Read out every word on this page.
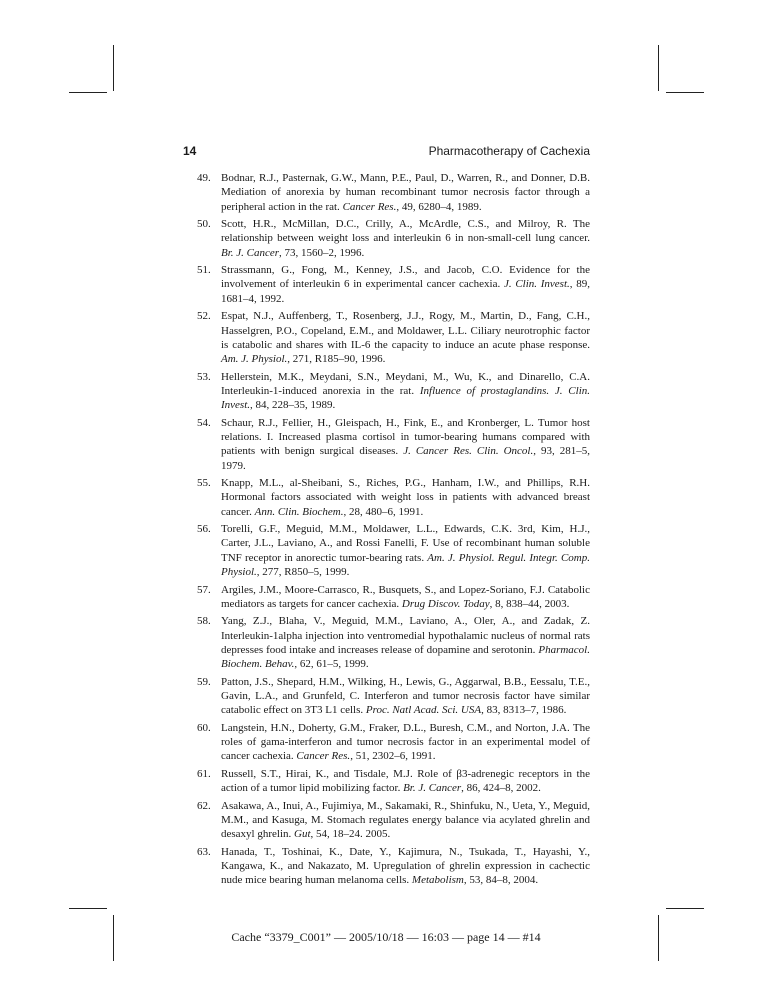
14	Pharmacotherapy of Cachexia
49. Bodnar, R.J., Pasternak, G.W., Mann, P.E., Paul, D., Warren, R., and Donner, D.B. Mediation of anorexia by human recombinant tumor necrosis factor through a peripheral action in the rat. Cancer Res., 49, 6280–4, 1989.
50. Scott, H.R., McMillan, D.C., Crilly, A., McArdle, C.S., and Milroy, R. The relationship between weight loss and interleukin 6 in non-small-cell lung cancer. Br. J. Cancer, 73, 1560–2, 1996.
51. Strassmann, G., Fong, M., Kenney, J.S., and Jacob, C.O. Evidence for the involvement of interleukin 6 in experimental cancer cachexia. J. Clin. Invest., 89, 1681–4, 1992.
52. Espat, N.J., Auffenberg, T., Rosenberg, J.J., Rogy, M., Martin, D., Fang, C.H., Hasselgren, P.O., Copeland, E.M., and Moldawer, L.L. Ciliary neurotrophic factor is catabolic and shares with IL-6 the capacity to induce an acute phase response. Am. J. Physiol., 271, R185–90, 1996.
53. Hellerstein, M.K., Meydani, S.N., Meydani, M., Wu, K., and Dinarello, C.A. Interleukin-1-induced anorexia in the rat. Influence of prostaglandins. J. Clin. Invest., 84, 228–35, 1989.
54. Schaur, R.J., Fellier, H., Gleispach, H., Fink, E., and Kronberger, L. Tumor host relations. I. Increased plasma cortisol in tumor-bearing humans compared with patients with benign surgical diseases. J. Cancer Res. Clin. Oncol., 93, 281–5, 1979.
55. Knapp, M.L., al-Sheibani, S., Riches, P.G., Hanham, I.W., and Phillips, R.H. Hormonal factors associated with weight loss in patients with advanced breast cancer. Ann. Clin. Biochem., 28, 480–6, 1991.
56. Torelli, G.F., Meguid, M.M., Moldawer, L.L., Edwards, C.K. 3rd, Kim, H.J., Carter, J.L., Laviano, A., and Rossi Fanelli, F. Use of recombinant human soluble TNF receptor in anorectic tumor-bearing rats. Am. J. Physiol. Regul. Integr. Comp. Physiol., 277, R850–5, 1999.
57. Argiles, J.M., Moore-Carrasco, R., Busquets, S., and Lopez-Soriano, F.J. Catabolic mediators as targets for cancer cachexia. Drug Discov. Today, 8, 838–44, 2003.
58. Yang, Z.J., Blaha, V., Meguid, M.M., Laviano, A., Oler, A., and Zadak, Z. Interleukin-1alpha injection into ventromedial hypothalamic nucleus of normal rats depresses food intake and increases release of dopamine and serotonin. Pharmacol. Biochem. Behav., 62, 61–5, 1999.
59. Patton, J.S., Shepard, H.M., Wilking, H., Lewis, G., Aggarwal, B.B., Eessalu, T.E., Gavin, L.A., and Grunfeld, C. Interferon and tumor necrosis factor have similar catabolic effect on 3T3 L1 cells. Proc. Natl Acad. Sci. USA, 83, 8313–7, 1986.
60. Langstein, H.N., Doherty, G.M., Fraker, D.L., Buresh, C.M., and Norton, J.A. The roles of gama-interferon and tumor necrosis factor in an experimental model of cancer cachexia. Cancer Res., 51, 2302–6, 1991.
61. Russell, S.T., Hirai, K., and Tisdale, M.J. Role of β3-adrenegic receptors in the action of a tumor lipid mobilizing factor. Br. J. Cancer, 86, 424–8, 2002.
62. Asakawa, A., Inui, A., Fujimiya, M., Sakamaki, R., Shinfuku, N., Ueta, Y., Meguid, M.M., and Kasuga, M. Stomach regulates energy balance via acylated ghrelin and desaxyl ghrelin. Gut, 54, 18–24. 2005.
63. Hanada, T., Toshinai, K., Date, Y., Kajimura, N., Tsukada, T., Hayashi, Y., Kangawa, K., and Nakazato, M. Upregulation of ghrelin expression in cachectic nude mice bearing human melanoma cells. Metabolism, 53, 84–8, 2004.
Cache “3379_C001” — 2005/10/18 — 16:03 — page 14 — #14
